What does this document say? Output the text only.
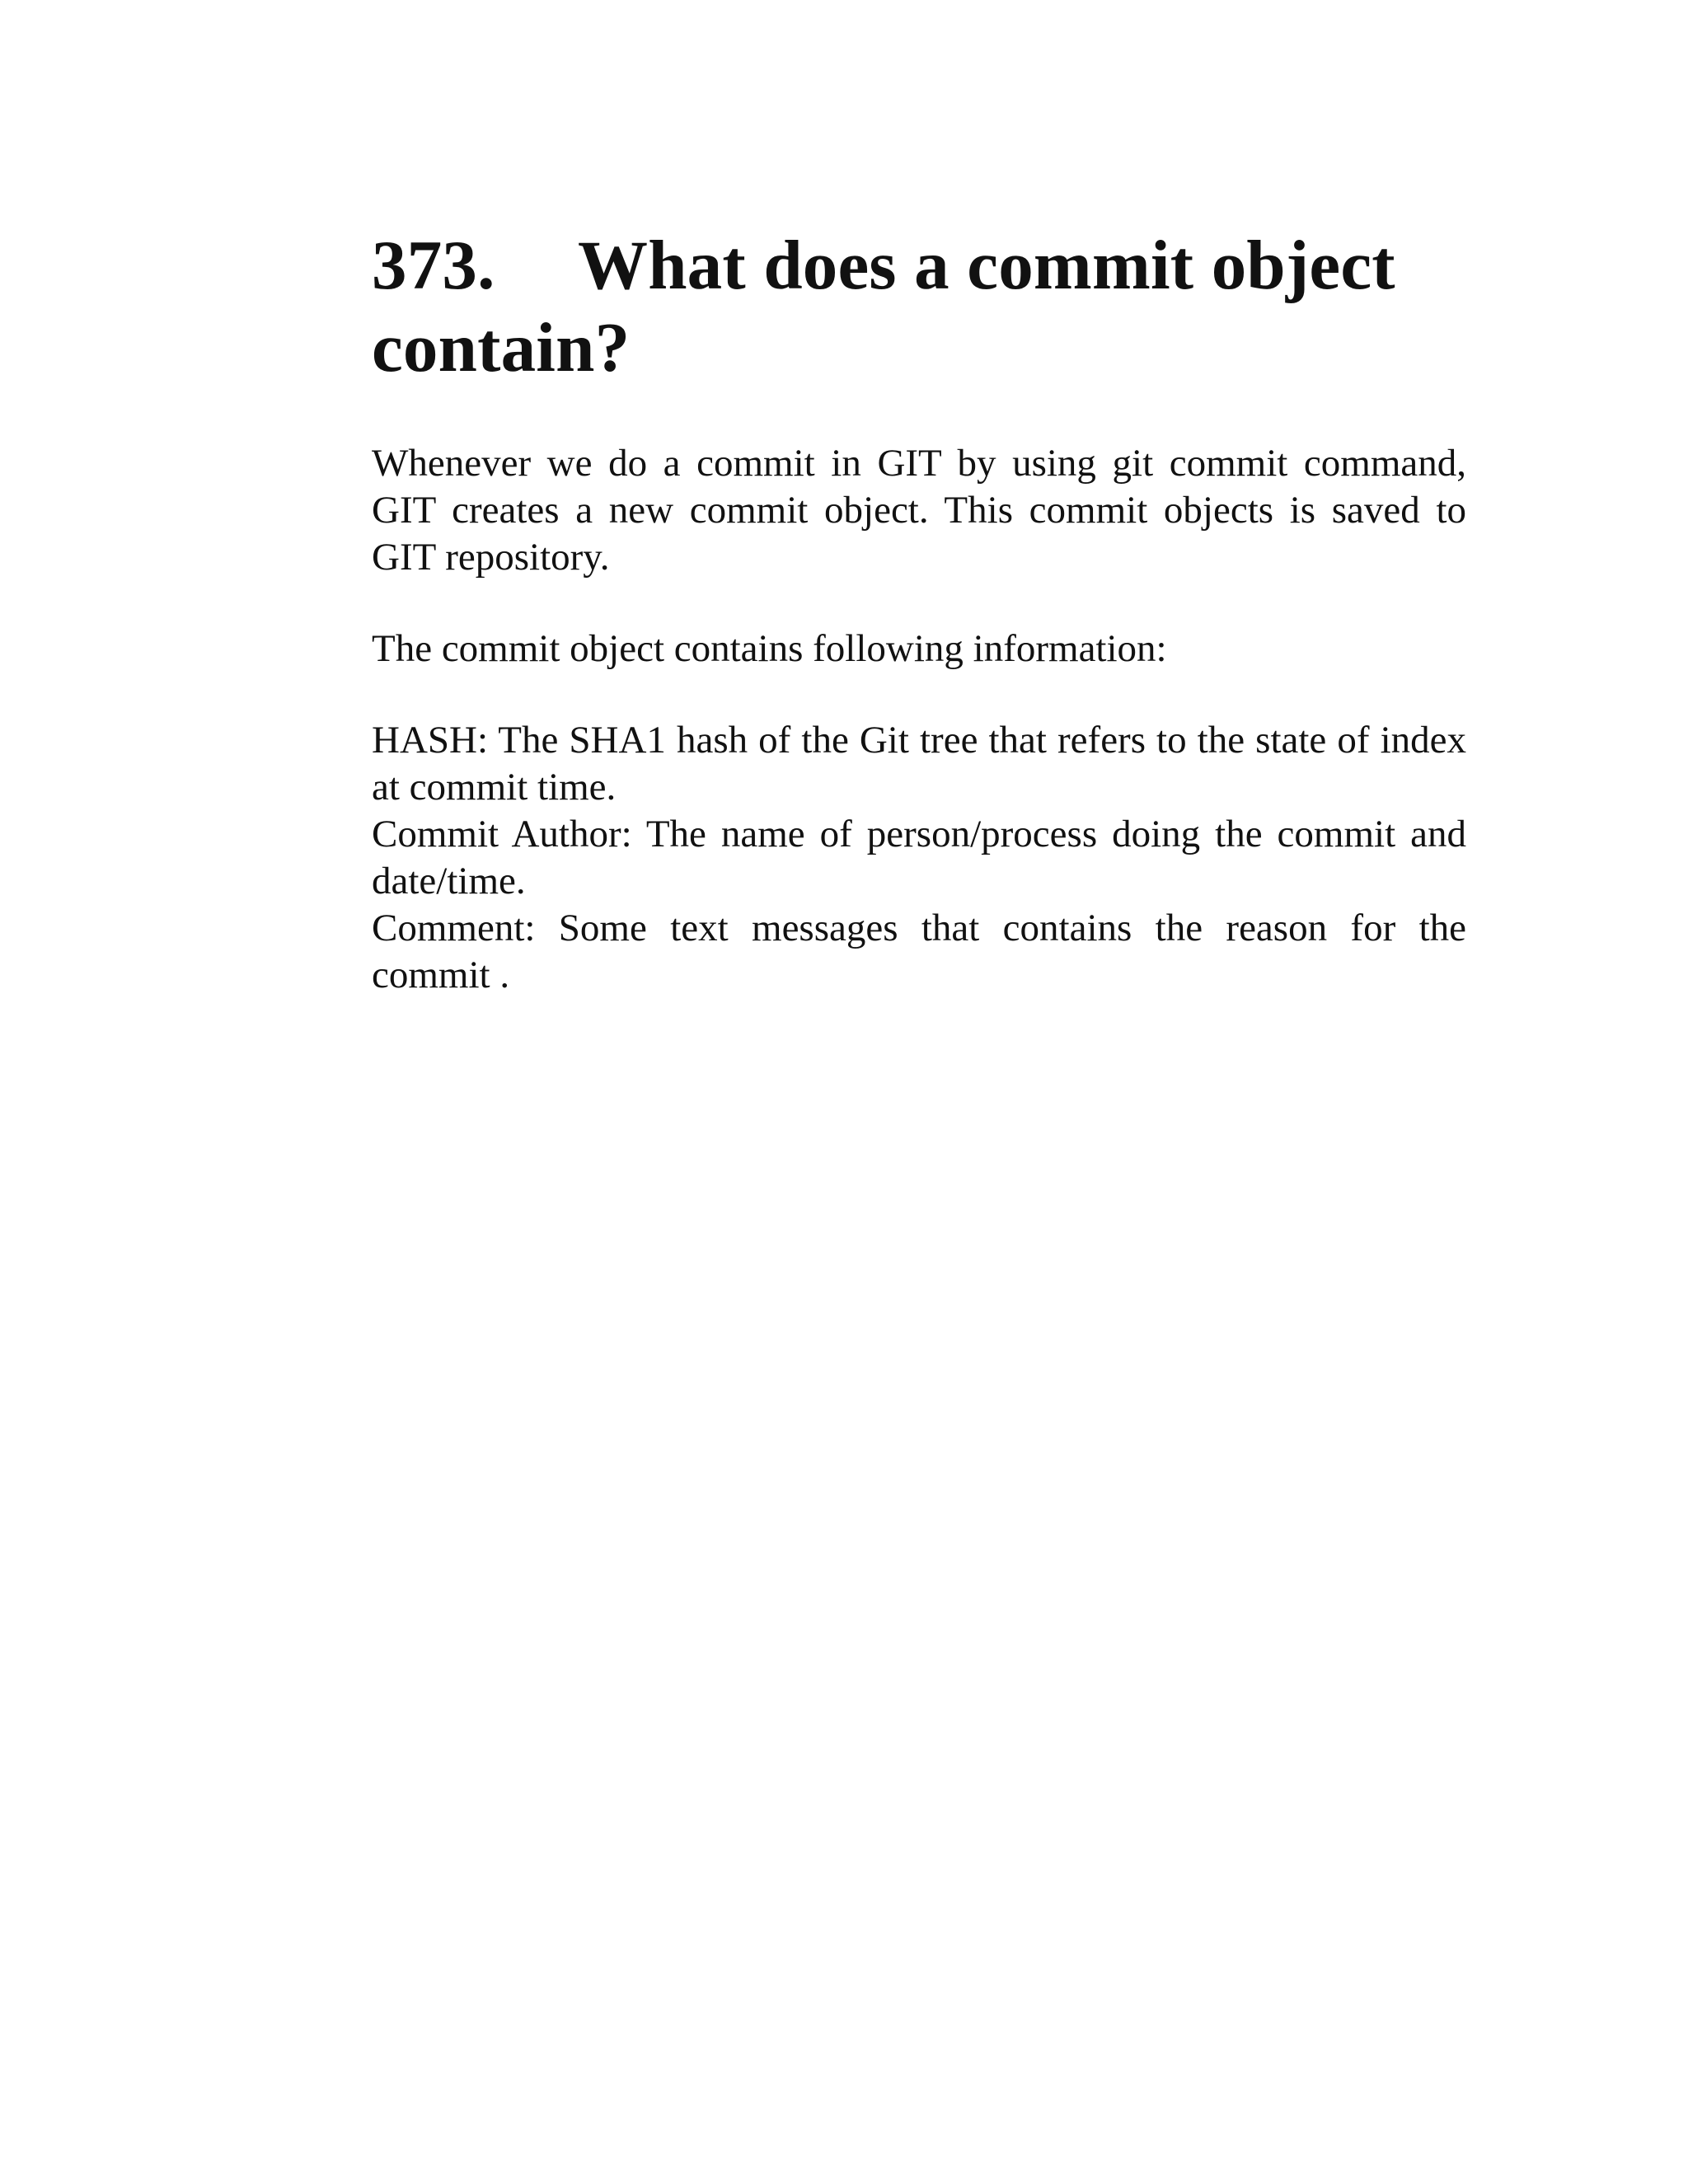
373. What does a commit object contain?

Whenever we do a commit in GIT by using git commit command, GIT creates a new commit object. This commit objects is saved to GIT repository.

The commit object contains following information:

HASH: The SHA1 hash of the Git tree that refers to the state of index at commit time.

Commit Author: The name of person/process doing the commit and date/time.

Comment: Some text messages that contains the reason for the commit .
